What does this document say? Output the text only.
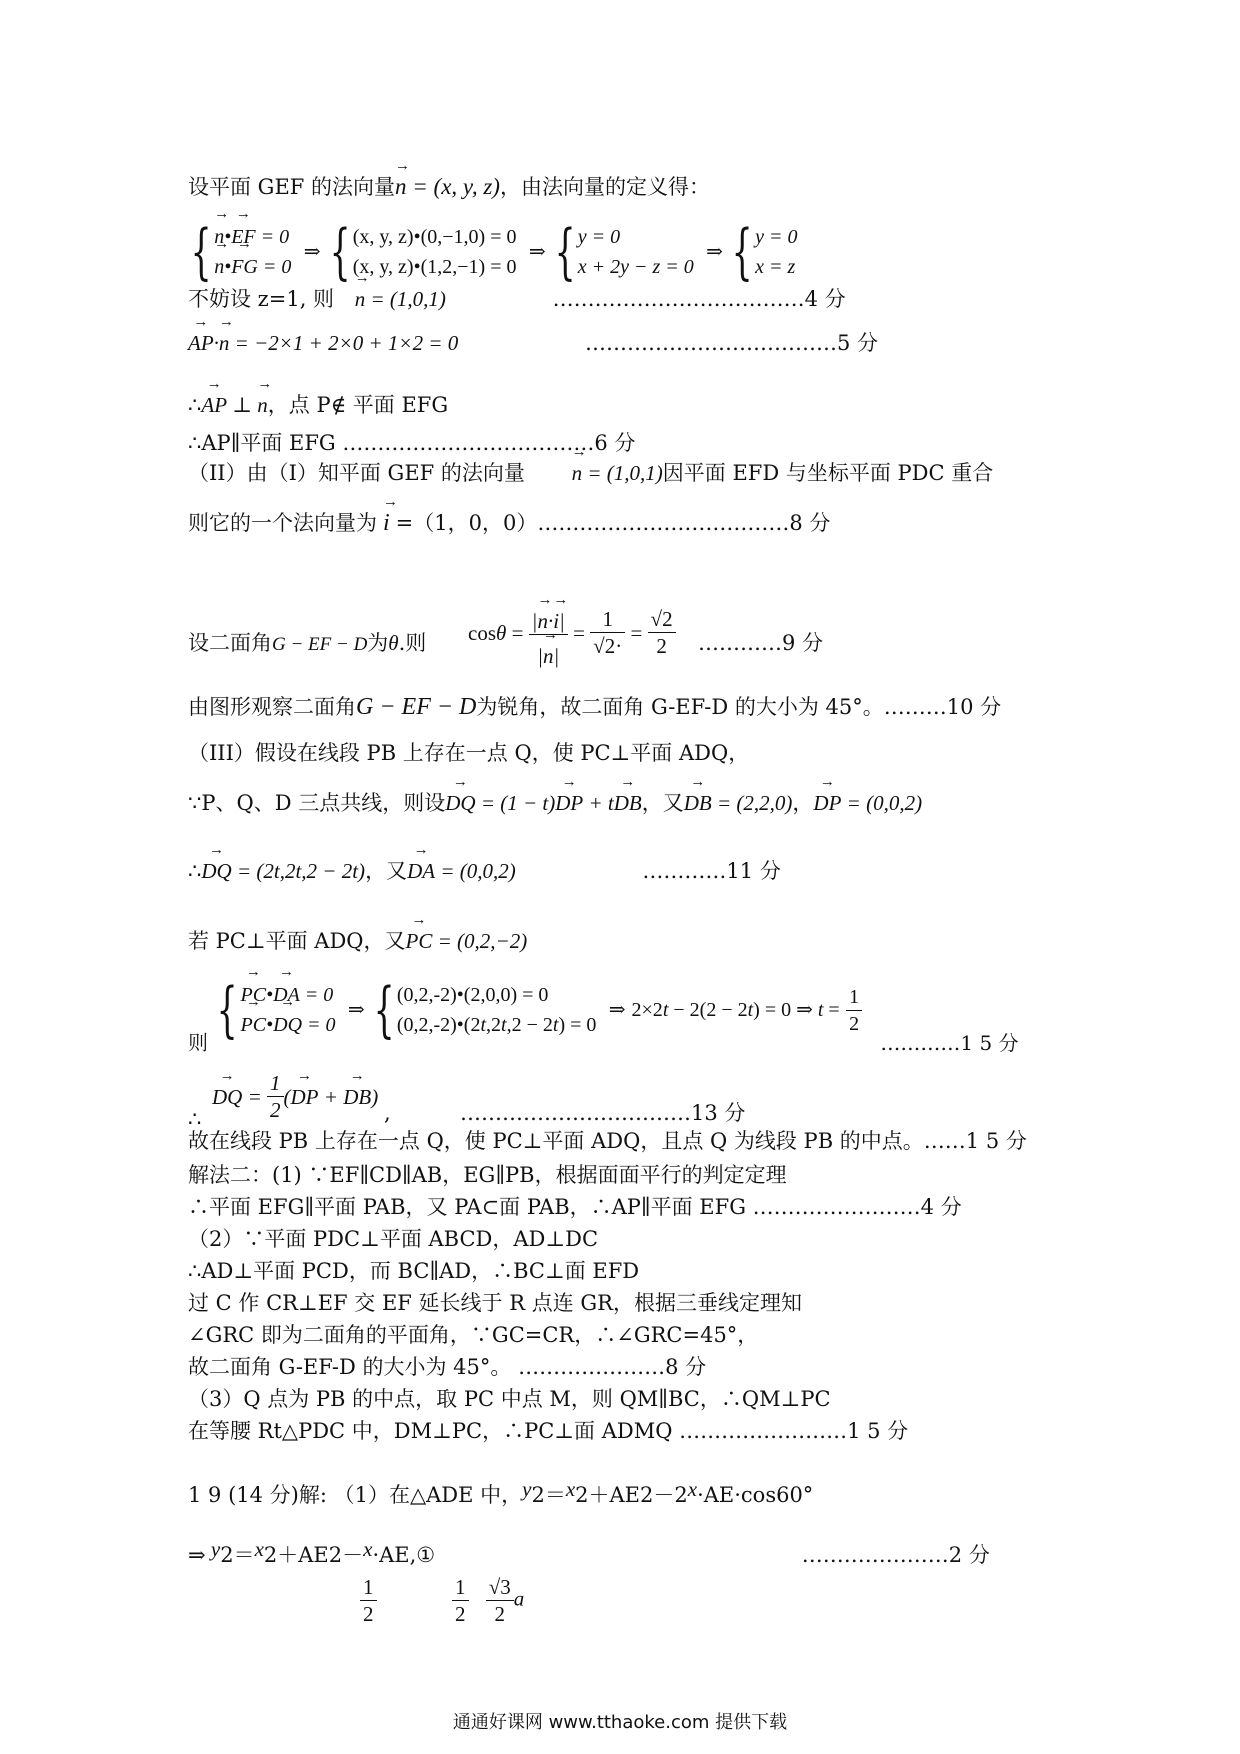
设平面 GEF 的法向量→ n = (x, y, z)，由法向量的定义得：
{ → n•→ EF = 0
→ n•→ FG = 0 ⇒ { (x, y, z)•(0,−1,0) = 0
(x, y, z)•(1,2,−1) = 0 ⇒ { y = 0
x + 2y − z = 0 ⇒ { y = 0
x = z
不妨设 z=1, 则 → n = (1,0,1)	………………………………4 分
→ AP·→ n = −2×1 + 2×0 + 1×2 = 0	………………………………5 分
∴→ AP ⊥ → n，点 P∉ 平面 EFG
∴AP∥平面 EFG ………………………………6 分
（II）由（I）知平面 GEF 的法向量 → n = (1,0,1)因平面 EFD 与坐标平面 PDC 重合
则它的一个法向量为 → i =（1，0，0）………………………………8 分
设二面角G − EF − D为θ.则 $\cos\theta = \frac{|\to n\cdot\to i|}{|\to n|} = \frac{1}{√2\cdot} = \frac{√2}{2}$ …………9 分
由图形观察二面角G − EF − D为锐角，故二面角 G-EF-D 的大小为 45°。………10 分
（III）假设在线段 PB 上存在一点 Q，使 PC⊥平面 ADQ，
∵P、Q、D 三点共线，则设→ DQ = (1 − t)→ DP + t→ DB，又→ DB = (2,2,0)，→ DP = (0,0,2)
∴→ DQ = (2t,2t,2 − 2t)，又→ DA = (0,0,2)	…………11 分
若 PC⊥平面 ADQ，又→ PC = (0,2,−2)
则 { → PC•→ DA = 0
→ PC•→ DQ = 0 ⇒ { (0,2,-2)•(2,0,0) = 0
(0,2,-2)•(2t,2t,2 − 2t) = 0 ⇒ 2×2t − 2(2 − 2t) = 0 ⇒ $t = \frac{1}{2}$
…………1 5 分
∴
→ DQ = $\frac{1}{2}$ (→ DP + → DB)
,	……………………………13 分
故在线段 PB 上存在一点 Q，使 PC⊥平面 ADQ，且点 Q 为线段 PB 的中点。……1 5 分
解法二：(1) ∵EF∥CD∥AB，EG∥PB，根据面面平行的判定定理
∴平面 EFG∥平面 PAB，又 PA⊂面 PAB，∴AP∥平面 EFG ……………………4 分
（2）∵平面 PDC⊥平面 ABCD，AD⊥DC
∴AD⊥平面 PCD，而 BC∥AD，∴BC⊥面 EFD
过 C 作 CR⊥EF 交 EF 延长线于 R 点连 GR，根据三垂线定理知
∠GRC 即为二面角的平面角，∵GC=CR，∴∠GRC=45°，
故二面角 G-EF-D 的大小为 45°。 …………………8 分
（3）Q 点为 PB 的中点，取 PC 中点 M，则 QM∥BC，∴QM⊥PC
在等腰 Rt△PDC 中，DM⊥PC，∴PC⊥面 ADMQ ……………………1 5 分
1 9 (14 分)解: （1）在△ADE 中，y2＝x2＋AE2－2x·AE·cos60°
⇒ y2＝x2＋AE2－x·AE,①	…………………2 分
$\frac{1}{2}$	$\frac{1}{2}$
$\frac{√3}{2}$ a
通通好课网 www.tthaoke.com 提供下载
